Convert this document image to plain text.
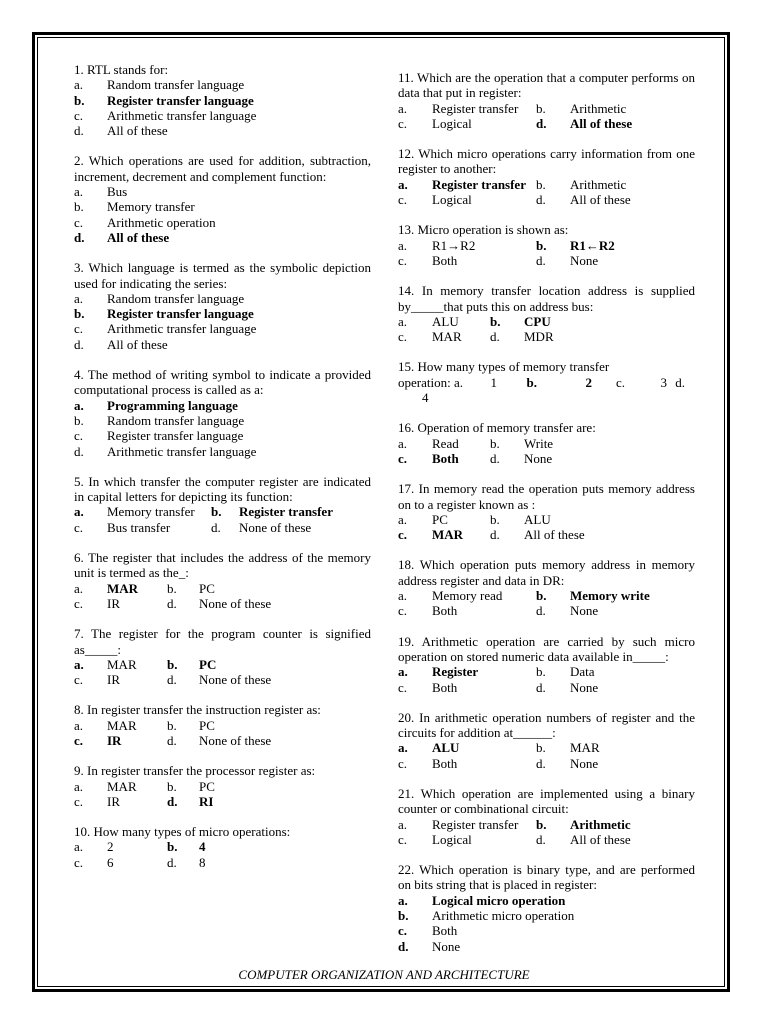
1. RTL stands for:
a. Random transfer language
b. Register transfer language
c. Arithmetic transfer language
d. All of these
2. Which operations are used for addition, subtraction, increment, decrement and complement function:
a. Bus
b. Memory transfer
c. Arithmetic operation
d. All of these
3. Which language is termed as the symbolic depiction used for indicating the series:
a. Random transfer language
b. Register transfer language
c. Arithmetic transfer language
d. All of these
4. The method of writing symbol to indicate a provided computational process is called as a:
a. Programming language
b. Random transfer language
c. Register transfer language
d. Arithmetic transfer language
5. In which transfer the computer register are indicated in capital letters for depicting its function:
a.	Memory transfer	b.	Register transfer
c.	Bus transfer	d.	None of these
6. The register that includes the address of the memory unit is termed as the_:
a.	MAR	b.	PC
c.	IR	d.	None of these
7. The register for the program counter is signified as_____:
a.	MAR	b.	PC
c.	IR	d.	None of these
8. In register transfer the instruction register as:
a.	MAR	b.	PC
c.	IR	d.	None of these
9. In register transfer the processor register as:
a.	MAR	b.	PC
c.	IR	d.	RI
10. How many types of micro operations:
a.	2	b.	4
c.	6	d.	8
11. Which are the operation that a computer performs on data that put in register:
a.	Register transfer	b.	Arithmetic
c.	Logical	d.	All of these
12. Which micro operations carry information from one register to another:
a.	Register transfer b.	Arithmetic
c.	Logical	d.	All of these
13. Micro operation is shown as:
a.	R1→R2	b.	R1←R2
c.	Both	d.	None
14. In memory transfer location address is supplied by_____that puts this on address bus:
a.	ALU	b.	CPU
c.	MAR	d.	MDR
15. How many types of memory transfer
operation: a.	1	b.	2	c.	3 d.
4
16. Operation of memory transfer are:
a.	Read	b.	Write
c.	Both	d.	None
17. In memory read the operation puts memory address on to a register known as :
a.	PC	b.	ALU
c.	MAR	d.	All of these
18. Which operation puts memory address in memory address register and data in DR:
a.	Memory read	b.	Memory write
c.	Both	d.	None
19. Arithmetic operation are carried by such micro operation on stored numeric data available in_____:
a.	Register	b.	Data
c.	Both	d.	None
20. In arithmetic operation numbers of register and the circuits for addition at______:
a.	ALU	b.	MAR
c.	Both	d.	None
21. Which operation are implemented using a binary counter or combinational circuit:
a.	Register transfer	b.	Arithmetic
c.	Logical	d.	All of these
22. Which operation is binary type, and are performed on bits string that is placed in register:
a. Logical micro operation
b. Arithmetic micro operation
c. Both
d. None
COMPUTER ORGANIZATION AND ARCHITECTURE
